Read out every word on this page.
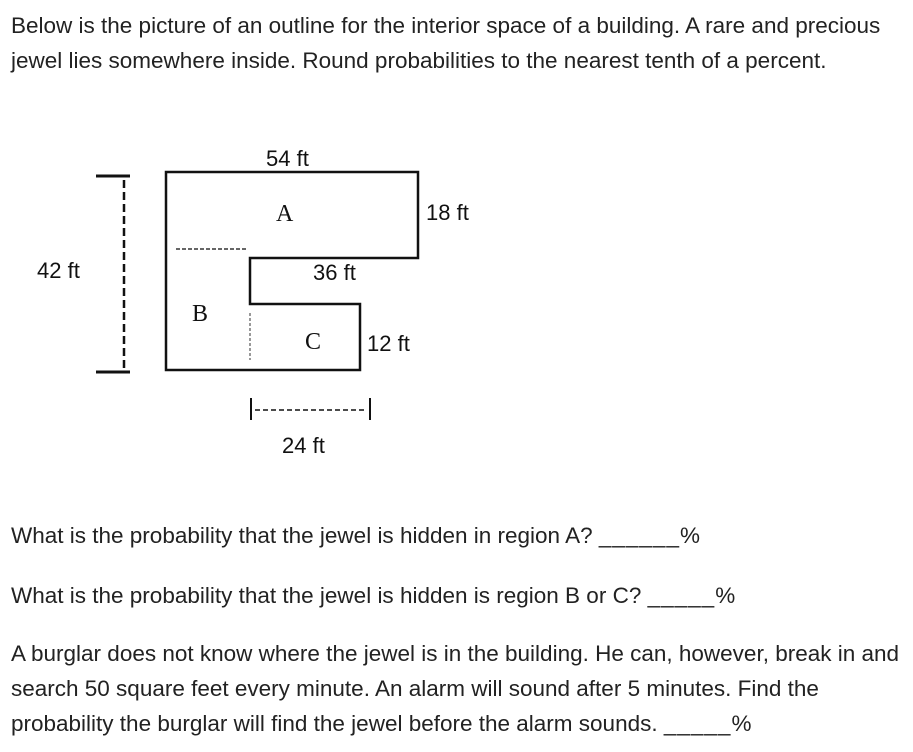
Below is the picture of an outline for the interior space of a building. A rare and precious jewel lies somewhere inside. Round probabilities to the nearest tenth of a percent.

54 ft
42 ft
18 ft
36 ft
12 ft
24 ft
A
B
C

What is the probability that the jewel is hidden in region A? ______%

What is the probability that the jewel is hidden is region B or C? _____%

A burglar does not know where the jewel is in the building. He can, however, break in and search 50 square feet every minute. An alarm will sound after 5 minutes. Find the probability the burglar will find the jewel before the alarm sounds. _____%
